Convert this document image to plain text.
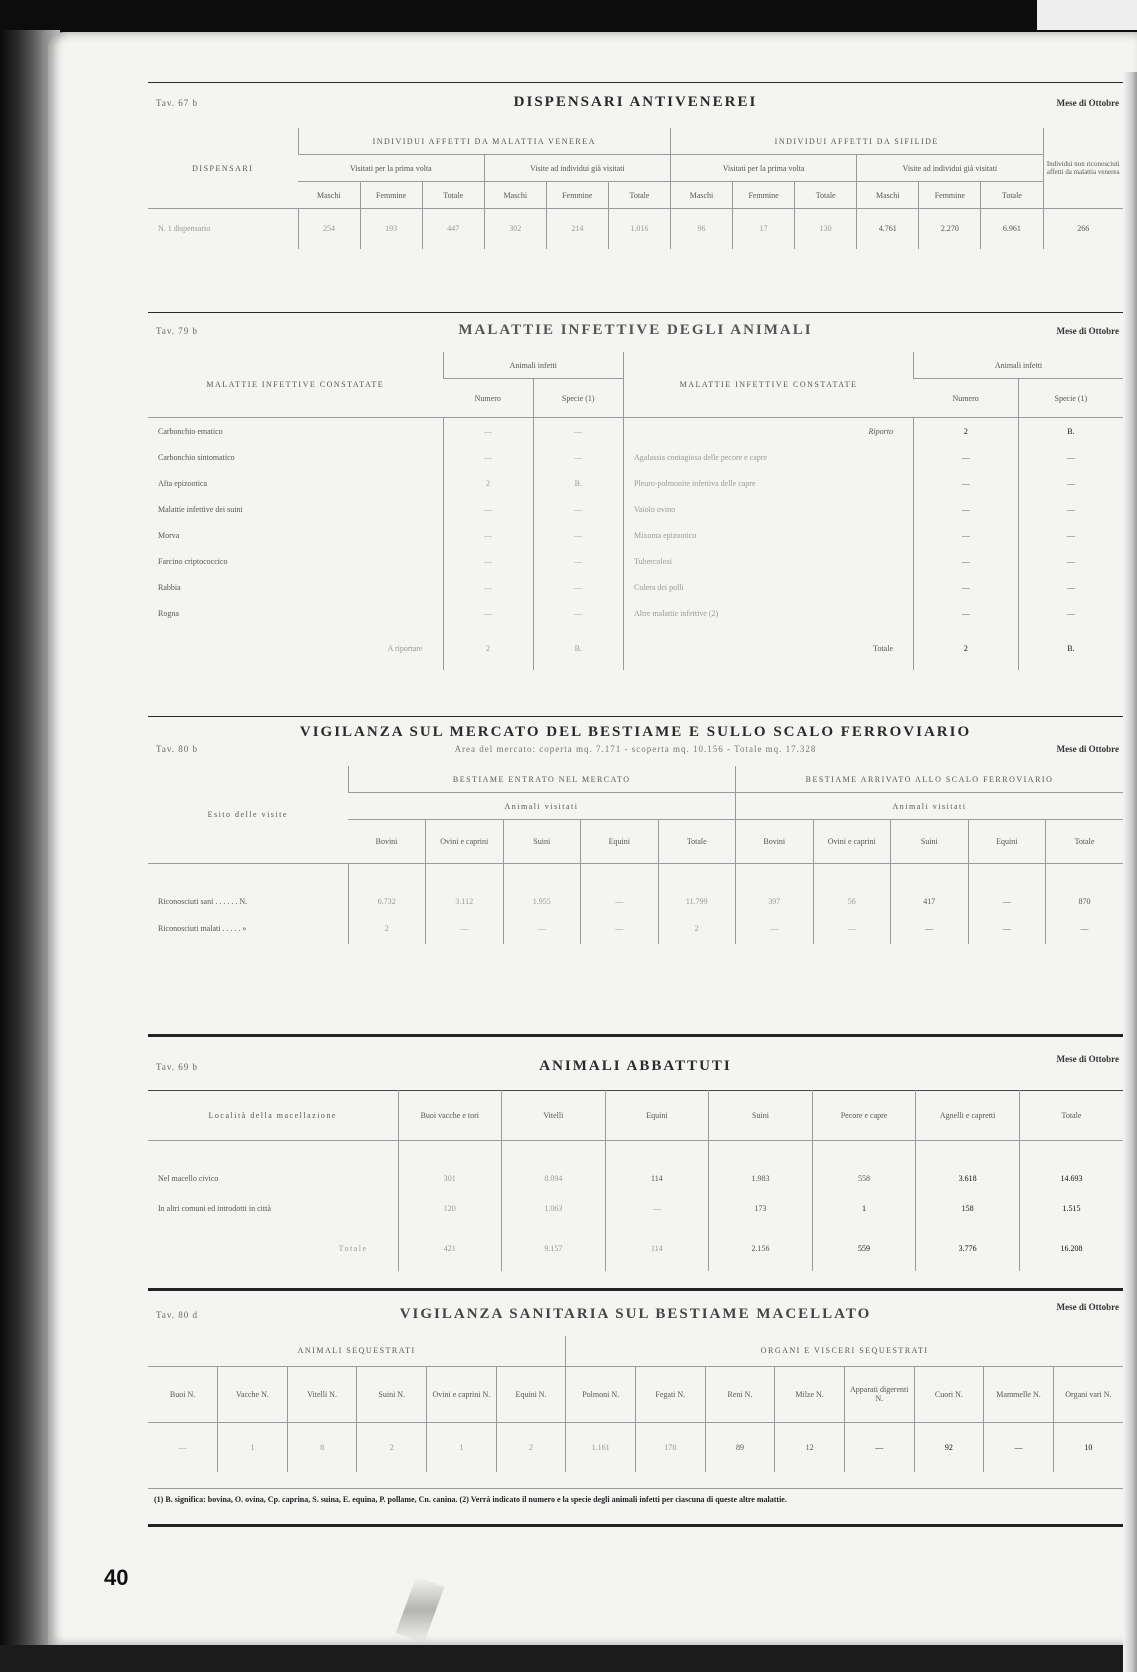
Tav. 67 b	DISPENSARI ANTIVENEREI	Mese di Ottobre
DISPENSARI	INDIVIDUI AFFETTI DA MALATTIA VENEREA						INDIVIDUI AFFETTI DA SIFILIDE						Individui non riconosciuti affetti da malattia venerea
	Visitati per la prima volta			Visite ad individui già visitati			Visitati per la prima volta			Visite ad individui già visitati			
	Maschi	Femmine	Totale	Maschi	Femmine	Totale	Maschi	Femmine	Totale	Maschi	Femmine	Totale	
N. 1 dispensario	254	193	447	302	214	1.016	96	17	130	4.761	2.270	6.961	266
Tav. 79 b	MALATTIE INFETTIVE DEGLI ANIMALI	Mese di Ottobre
MALATTIE INFETTIVE CONSTATATE	Animali infetti	
	Numero	Specie (1)
Carbonchio ematico	—	—
Carbonchio sintomatico	—	—
Afta epizootica	2	B.
Malattie infettive dei suini	—	—
Morva	—	—
Farcino criptococcico	—	—
Rabbia	—	—
Rogna	—	—
A riportare	2	B.
MALATTIE INFETTIVE CONSTATATE	Animali infetti	
	Numero	Specie (1)
Riporto	2	B.
Agalassia contagiosa delle pecore e capre	—	—
Pleuro-polmonite infettiva delle capre	—	—
Vaiolo ovino	—	—
Mixoma epizootico	—	—
Tubercolosi	—	—
Colera dei polli	—	—
Altre malattie infettive (2)	—	—
Totale	2	B.
Tav. 80 b
VIGILANZA SUL MERCATO DEL BESTIAME E SULLO SCALO FERROVIARIO
Area del mercato: coperta mq. 7.171 - scoperta mq. 10.156 - Totale mq. 17.328	Mese di Ottobre
Esito delle visite	BESTIAME ENTRATO NEL MERCATO					BESTIAME ARRIVATO ALLO SCALO FERROVIARIO				
	Animali visitati					Animali visitati				
	Bovini	Ovini e caprini	Suini	Equini	Totale	Bovini	Ovini e caprini	Suini	Equini	Totale
Riconosciuti sani . . . . . . N.	6.732	3.112	1.955	—	11.799	397	56	417	—	870
Riconosciuti malati . . . . . »	2	—	—	—	2	—	—	—	—	—
Tav. 69 b	ANIMALI ABBATTUTI	Mese di Ottobre
Località della macellazione	Buoi vacche e tori	Vitelli	Equini	Suini	Pecore e capre	Agnelli e capretti	Totale
Nel macello civico	301	8.094	114	1.983	558	3.618	14.693
In altri comuni ed introdotti in città	120	1.063	—	173	1	158	1.515
Totale	421	9.157	114	2.156	559	3.776	16.208
Tav. 80 d	VIGILANZA SANITARIA SUL BESTIAME MACELLATO	Mese di Ottobre
ANIMALI SEQUESTRATI						ORGANI E VISCERI SEQUESTRATI							
Buoi N.	Vacche N.	Vitelli N.	Suini N.	Ovini e caprini N.	Equini N.	Polmoni N.	Fegati N.	Reni N.	Milze N.	Apparati digerenti N.	Cuori N.	Mammelle N.	Organi vari N.
—	1	8	2	1	2	1.161	178	89	12	—	92	—	10
(1) B. significa: bovina, O. ovina, Cp. caprina, S. suina, E. equina, P. pollame, Cn. canina. (2) Verrà indicato il numero e la specie degli animali infetti per ciascuna di queste altre malattie.
40
